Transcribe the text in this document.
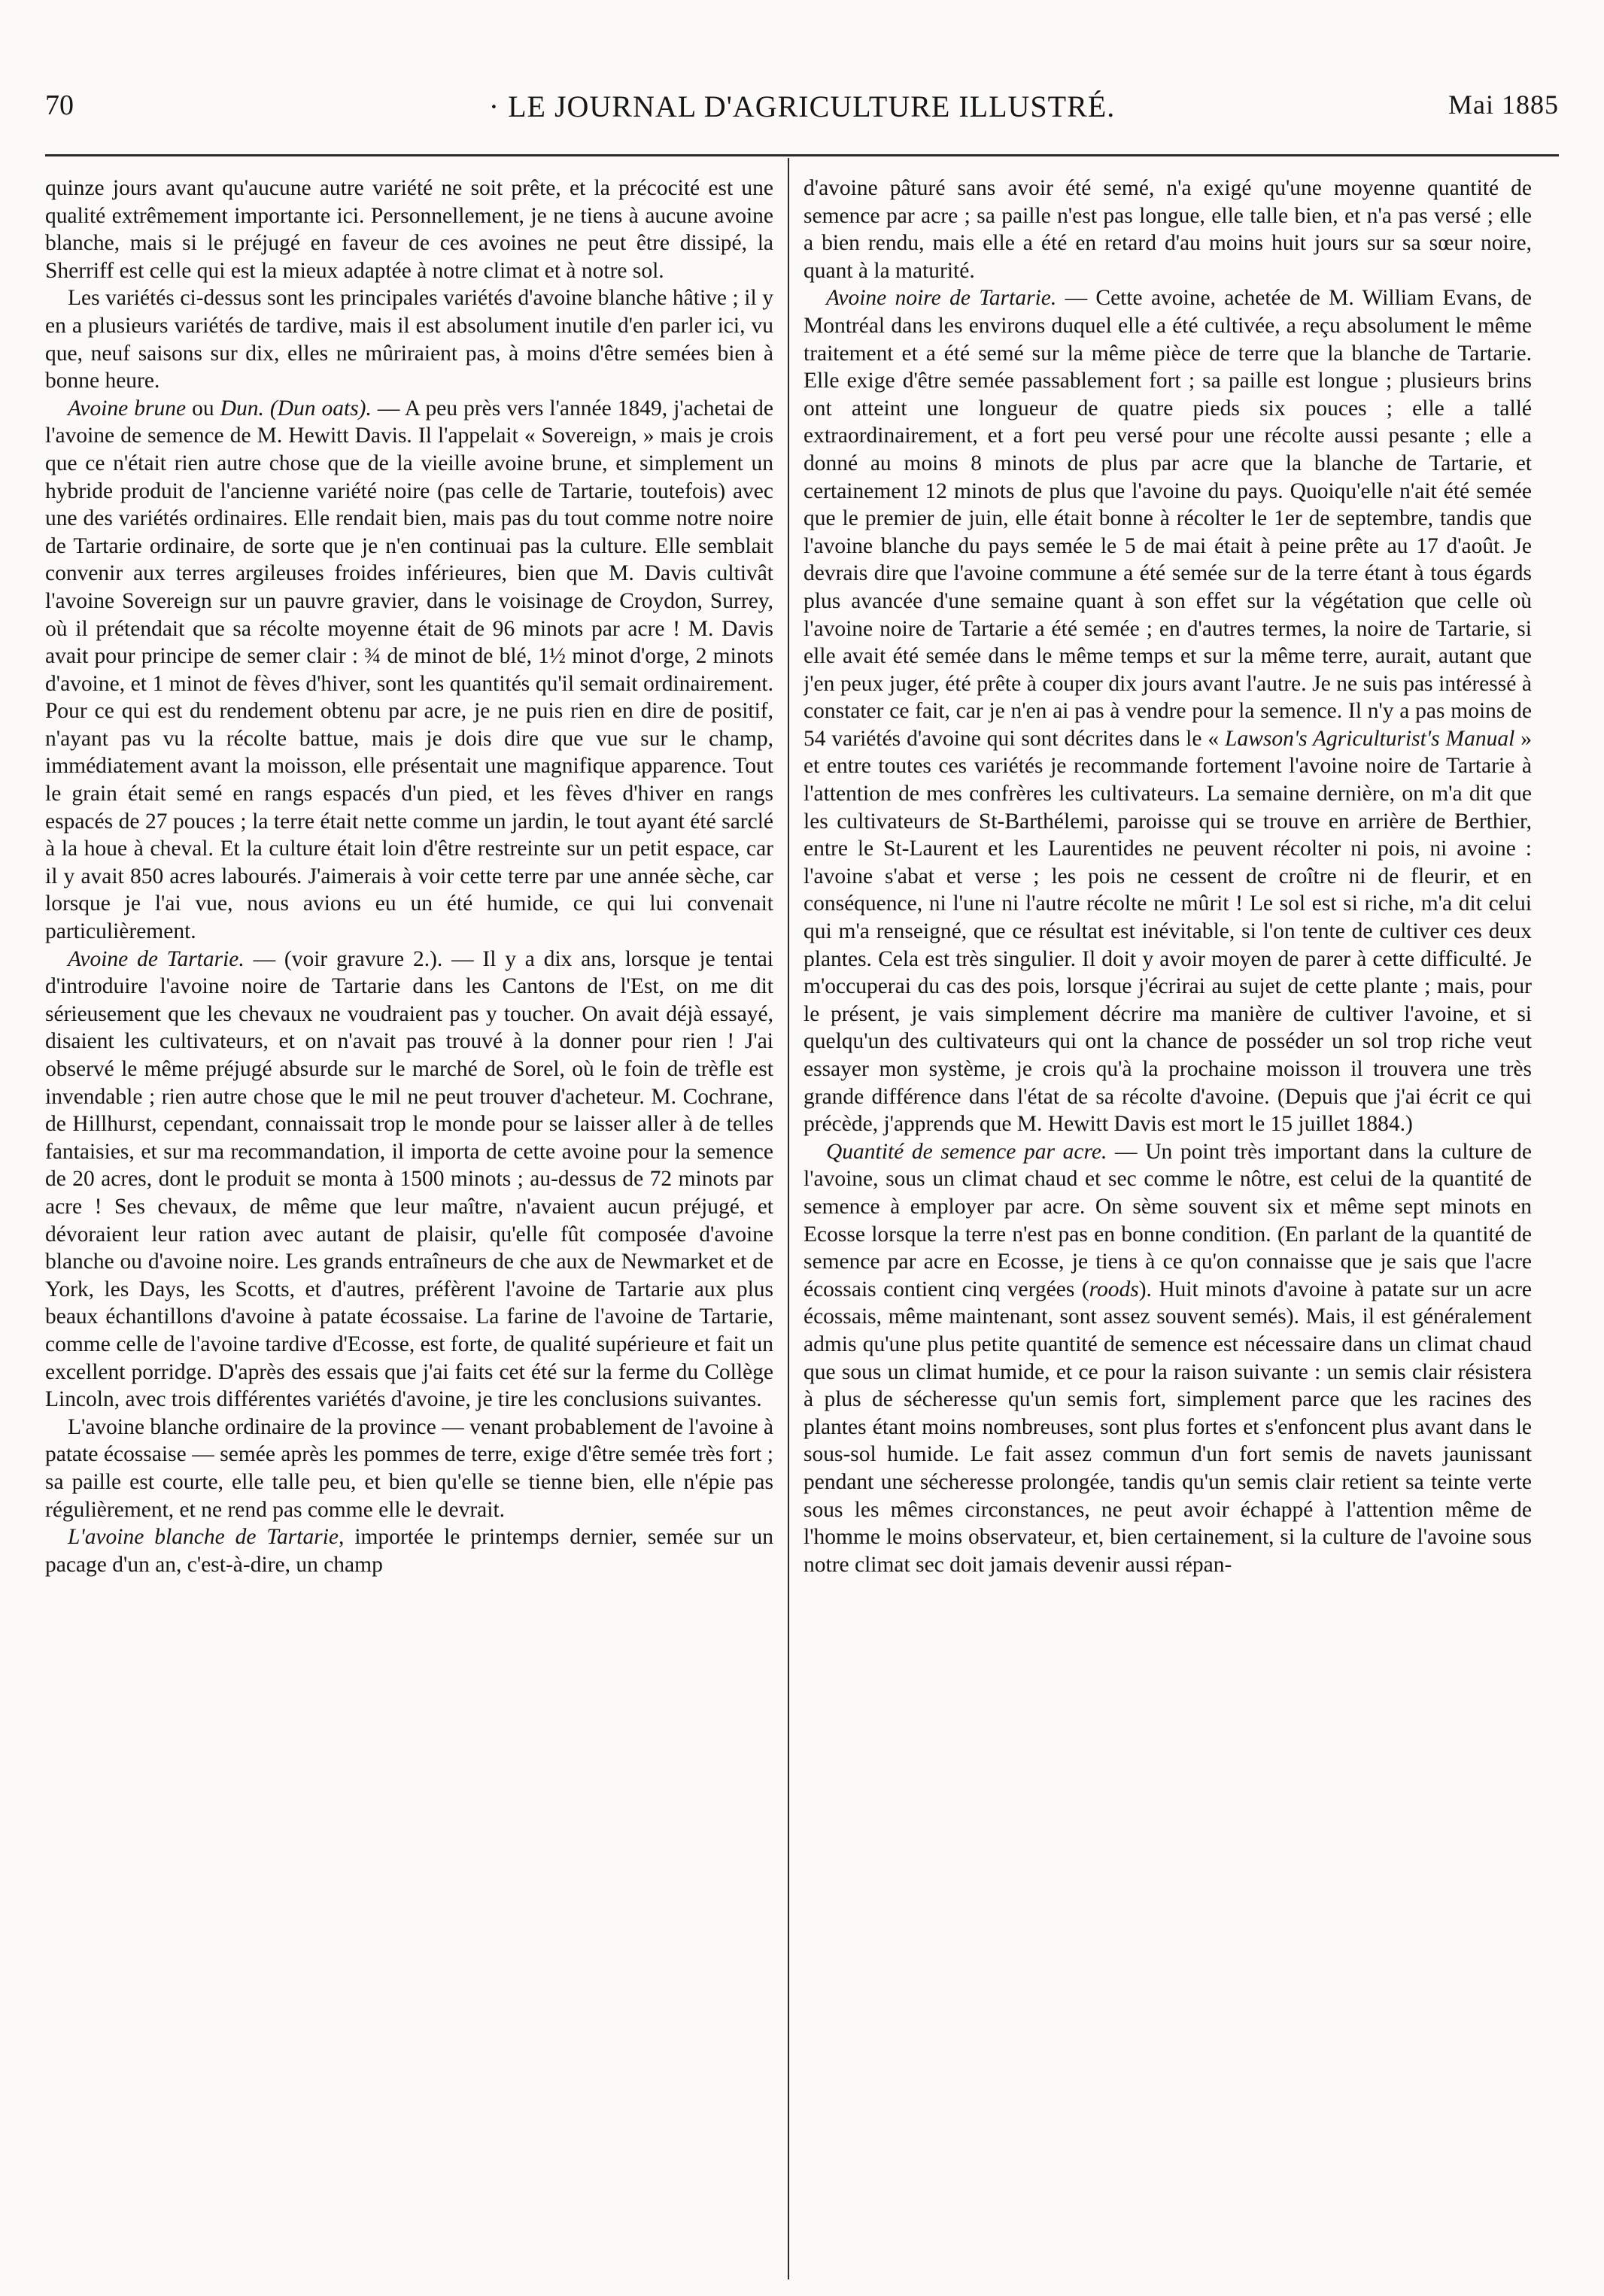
70	· LE JOURNAL D'AGRICULTURE ILLUSTRÉ.	Mai 1885

quinze jours avant qu'aucune autre variété ne soit prête, et la précocité est une qualité extrêmement importante ici. Personnellement, je ne tiens à aucune avoine blanche, mais si le préjugé en faveur de ces avoines ne peut être dissipé, la Sherriff est celle qui est la mieux adaptée à notre climat et à notre sol.

Les variétés ci-dessus sont les principales variétés d'avoine blanche hâtive ; il y en a plusieurs variétés de tardive, mais il est absolument inutile d'en parler ici, vu que, neuf saisons sur dix, elles ne mûriraient pas, à moins d'être semées bien à bonne heure.

Avoine brune ou Dun. (Dun oats). — A peu près vers l'année 1849, j'achetai de l'avoine de semence de M. Hewitt Davis. Il l'appelait « Sovereign, » mais je crois que ce n'était rien autre chose que de la vieille avoine brune, et simplement un hybride produit de l'ancienne variété noire (pas celle de Tartarie, toutefois) avec une des variétés ordinaires. Elle rendait bien, mais pas du tout comme notre noire de Tartarie ordinaire, de sorte que je n'en continuai pas la culture. Elle semblait convenir aux terres argileuses froides inférieures, bien que M. Davis cultivât l'avoine Sovereign sur un pauvre gravier, dans le voisinage de Croydon, Surrey, où il prétendait que sa récolte moyenne était de 96 minots par acre ! M. Davis avait pour principe de semer clair : ¾ de minot de blé, 1½ minot d'orge, 2 minots d'avoine, et 1 minot de fèves d'hiver, sont les quantités qu'il semait ordinairement. Pour ce qui est du rendement obtenu par acre, je ne puis rien en dire de positif, n'ayant pas vu la récolte battue, mais je dois dire que vue sur le champ, immédiatement avant la moisson, elle présentait une magnifique apparence. Tout le grain était semé en rangs espacés d'un pied, et les fèves d'hiver en rangs espacés de 27 pouces ; la terre était nette comme un jardin, le tout ayant été sarclé à la houe à cheval. Et la culture était loin d'être restreinte sur un petit espace, car il y avait 850 acres labourés. J'aimerais à voir cette terre par une année sèche, car lorsque je l'ai vue, nous avions eu un été humide, ce qui lui convenait particulièrement.

Avoine de Tartarie. — (voir gravure 2.). — Il y a dix ans, lorsque je tentai d'introduire l'avoine noire de Tartarie dans les Cantons de l'Est, on me dit sérieusement que les chevaux ne voudraient pas y toucher. On avait déjà essayé, disaient les cultivateurs, et on n'avait pas trouvé à la donner pour rien ! J'ai observé le même préjugé absurde sur le marché de Sorel, où le foin de trèfle est invendable ; rien autre chose que le mil ne peut trouver d'acheteur. M. Cochrane, de Hillhurst, cependant, connaissait trop le monde pour se laisser aller à de telles fantaisies, et sur ma recommandation, il importa de cette avoine pour la semence de 20 acres, dont le produit se monta à 1500 minots ; au-dessus de 72 minots par acre ! Ses chevaux, de même que leur maître, n'avaient aucun préjugé, et dévoraient leur ration avec autant de plaisir, qu'elle fût composée d'avoine blanche ou d'avoine noire. Les grands entraîneurs de che aux de Newmarket et de York, les Days, les Scotts, et d'autres, préfèrent l'avoine de Tartarie aux plus beaux échantillons d'avoine à patate écossaise. La farine de l'avoine de Tartarie, comme celle de l'avoine tardive d'Ecosse, est forte, de qualité supérieure et fait un excellent porridge. D'après des essais que j'ai faits cet été sur la ferme du Collège Lincoln, avec trois différentes variétés d'avoine, je tire les conclusions suivantes.

L'avoine blanche ordinaire de la province — venant probablement de l'avoine à patate écossaise — semée après les pommes de terre, exige d'être semée très fort ; sa paille est courte, elle talle peu, et bien qu'elle se tienne bien, elle n'épie pas régulièrement, et ne rend pas comme elle le devrait.

L'avoine blanche de Tartarie, importée le printemps dernier, semée sur un pacage d'un an, c'est-à-dire, un champ

d'avoine pâturé sans avoir été semé, n'a exigé qu'une moyenne quantité de semence par acre ; sa paille n'est pas longue, elle talle bien, et n'a pas versé ; elle a bien rendu, mais elle a été en retard d'au moins huit jours sur sa sœur noire, quant à la maturité.

Avoine noire de Tartarie. — Cette avoine, achetée de M. William Evans, de Montréal dans les environs duquel elle a été cultivée, a reçu absolument le même traitement et a été semé sur la même pièce de terre que la blanche de Tartarie. Elle exige d'être semée passablement fort ; sa paille est longue ; plusieurs brins ont atteint une longueur de quatre pieds six pouces ; elle a tallé extraordinairement, et a fort peu versé pour une récolte aussi pesante ; elle a donné au moins 8 minots de plus par acre que la blanche de Tartarie, et certainement 12 minots de plus que l'avoine du pays. Quoiqu'elle n'ait été semée que le premier de juin, elle était bonne à récolter le 1er de septembre, tandis que l'avoine blanche du pays semée le 5 de mai était à peine prête au 17 d'août. Je devrais dire que l'avoine commune a été semée sur de la terre étant à tous égards plus avancée d'une semaine quant à son effet sur la végétation que celle où l'avoine noire de Tartarie a été semée ; en d'autres termes, la noire de Tartarie, si elle avait été semée dans le même temps et sur la même terre, aurait, autant que j'en peux juger, été prête à couper dix jours avant l'autre. Je ne suis pas intéressé à constater ce fait, car je n'en ai pas à vendre pour la semence. Il n'y a pas moins de 54 variétés d'avoine qui sont décrites dans le « Lawson's Agriculturist's Manual » et entre toutes ces variétés je recommande fortement l'avoine noire de Tartarie à l'attention de mes confrères les cultivateurs. La semaine dernière, on m'a dit que les cultivateurs de St-Barthélemi, paroisse qui se trouve en arrière de Berthier, entre le St-Laurent et les Laurentides ne peuvent récolter ni pois, ni avoine : l'avoine s'abat et verse ; les pois ne cessent de croître ni de fleurir, et en conséquence, ni l'une ni l'autre récolte ne mûrit ! Le sol est si riche, m'a dit celui qui m'a renseigné, que ce résultat est inévitable, si l'on tente de cultiver ces deux plantes. Cela est très singulier. Il doit y avoir moyen de parer à cette difficulté. Je m'occuperai du cas des pois, lorsque j'écrirai au sujet de cette plante ; mais, pour le présent, je vais simplement décrire ma manière de cultiver l'avoine, et si quelqu'un des cultivateurs qui ont la chance de posséder un sol trop riche veut essayer mon système, je crois qu'à la prochaine moisson il trouvera une très grande différence dans l'état de sa récolte d'avoine. (Depuis que j'ai écrit ce qui précède, j'apprends que M. Hewitt Davis est mort le 15 juillet 1884.)

Quantité de semence par acre. — Un point très important dans la culture de l'avoine, sous un climat chaud et sec comme le nôtre, est celui de la quantité de semence à employer par acre. On sème souvent six et même sept minots en Ecosse lorsque la terre n'est pas en bonne condition. (En parlant de la quantité de semence par acre en Ecosse, je tiens à ce qu'on connaisse que je sais que l'acre écossais contient cinq vergées (roods). Huit minots d'avoine à patate sur un acre écossais, même maintenant, sont assez souvent semés). Mais, il est généralement admis qu'une plus petite quantité de semence est nécessaire dans un climat chaud que sous un climat humide, et ce pour la raison suivante : un semis clair résistera à plus de sécheresse qu'un semis fort, simplement parce que les racines des plantes étant moins nombreuses, sont plus fortes et s'enfoncent plus avant dans le sous-sol humide. Le fait assez commun d'un fort semis de navets jaunissant pendant une sécheresse prolongée, tandis qu'un semis clair retient sa teinte verte sous les mêmes circonstances, ne peut avoir échappé à l'attention même de l'homme le moins observateur, et, bien certainement, si la culture de l'avoine sous notre climat sec doit jamais devenir aussi répan-
